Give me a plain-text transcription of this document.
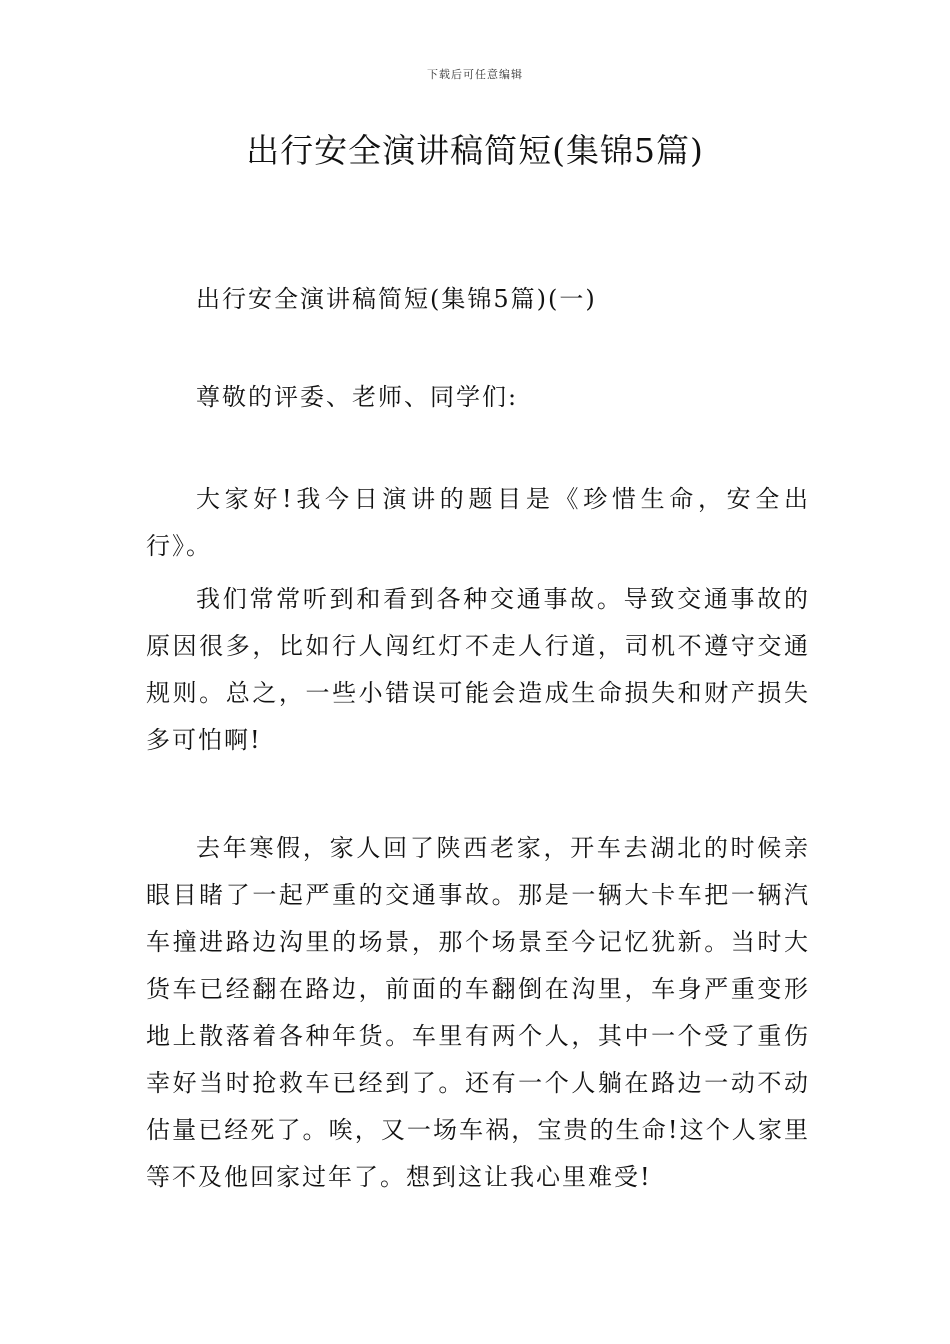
下载后可任意编辑
出行安全演讲稿简短(集锦5篇)

出行安全演讲稿简短(集锦5篇)(一)

尊敬的评委、老师、同学们:

大家好!我今日演讲的题目是《珍惜生命，安全出行》。

我们常常听到和看到各种交通事故。导致交通事故的原因很多，比如行人闯红灯不走人行道，司机不遵守交通规则。总之，一些小错误可能会造成生命损失和财产损失多可怕啊!

去年寒假，家人回了陕西老家，开车去湖北的时候亲眼目睹了一起严重的交通事故。那是一辆大卡车把一辆汽车撞进路边沟里的场景，那个场景至今记忆犹新。当时大货车已经翻在路边，前面的车翻倒在沟里，车身严重变形地上散落着各种年货。车里有两个人，其中一个受了重伤幸好当时抢救车已经到了。还有一个人躺在路边一动不动估量已经死了。唉，又一场车祸，宝贵的生命!这个人家里等不及他回家过年了。想到这让我心里难受!
